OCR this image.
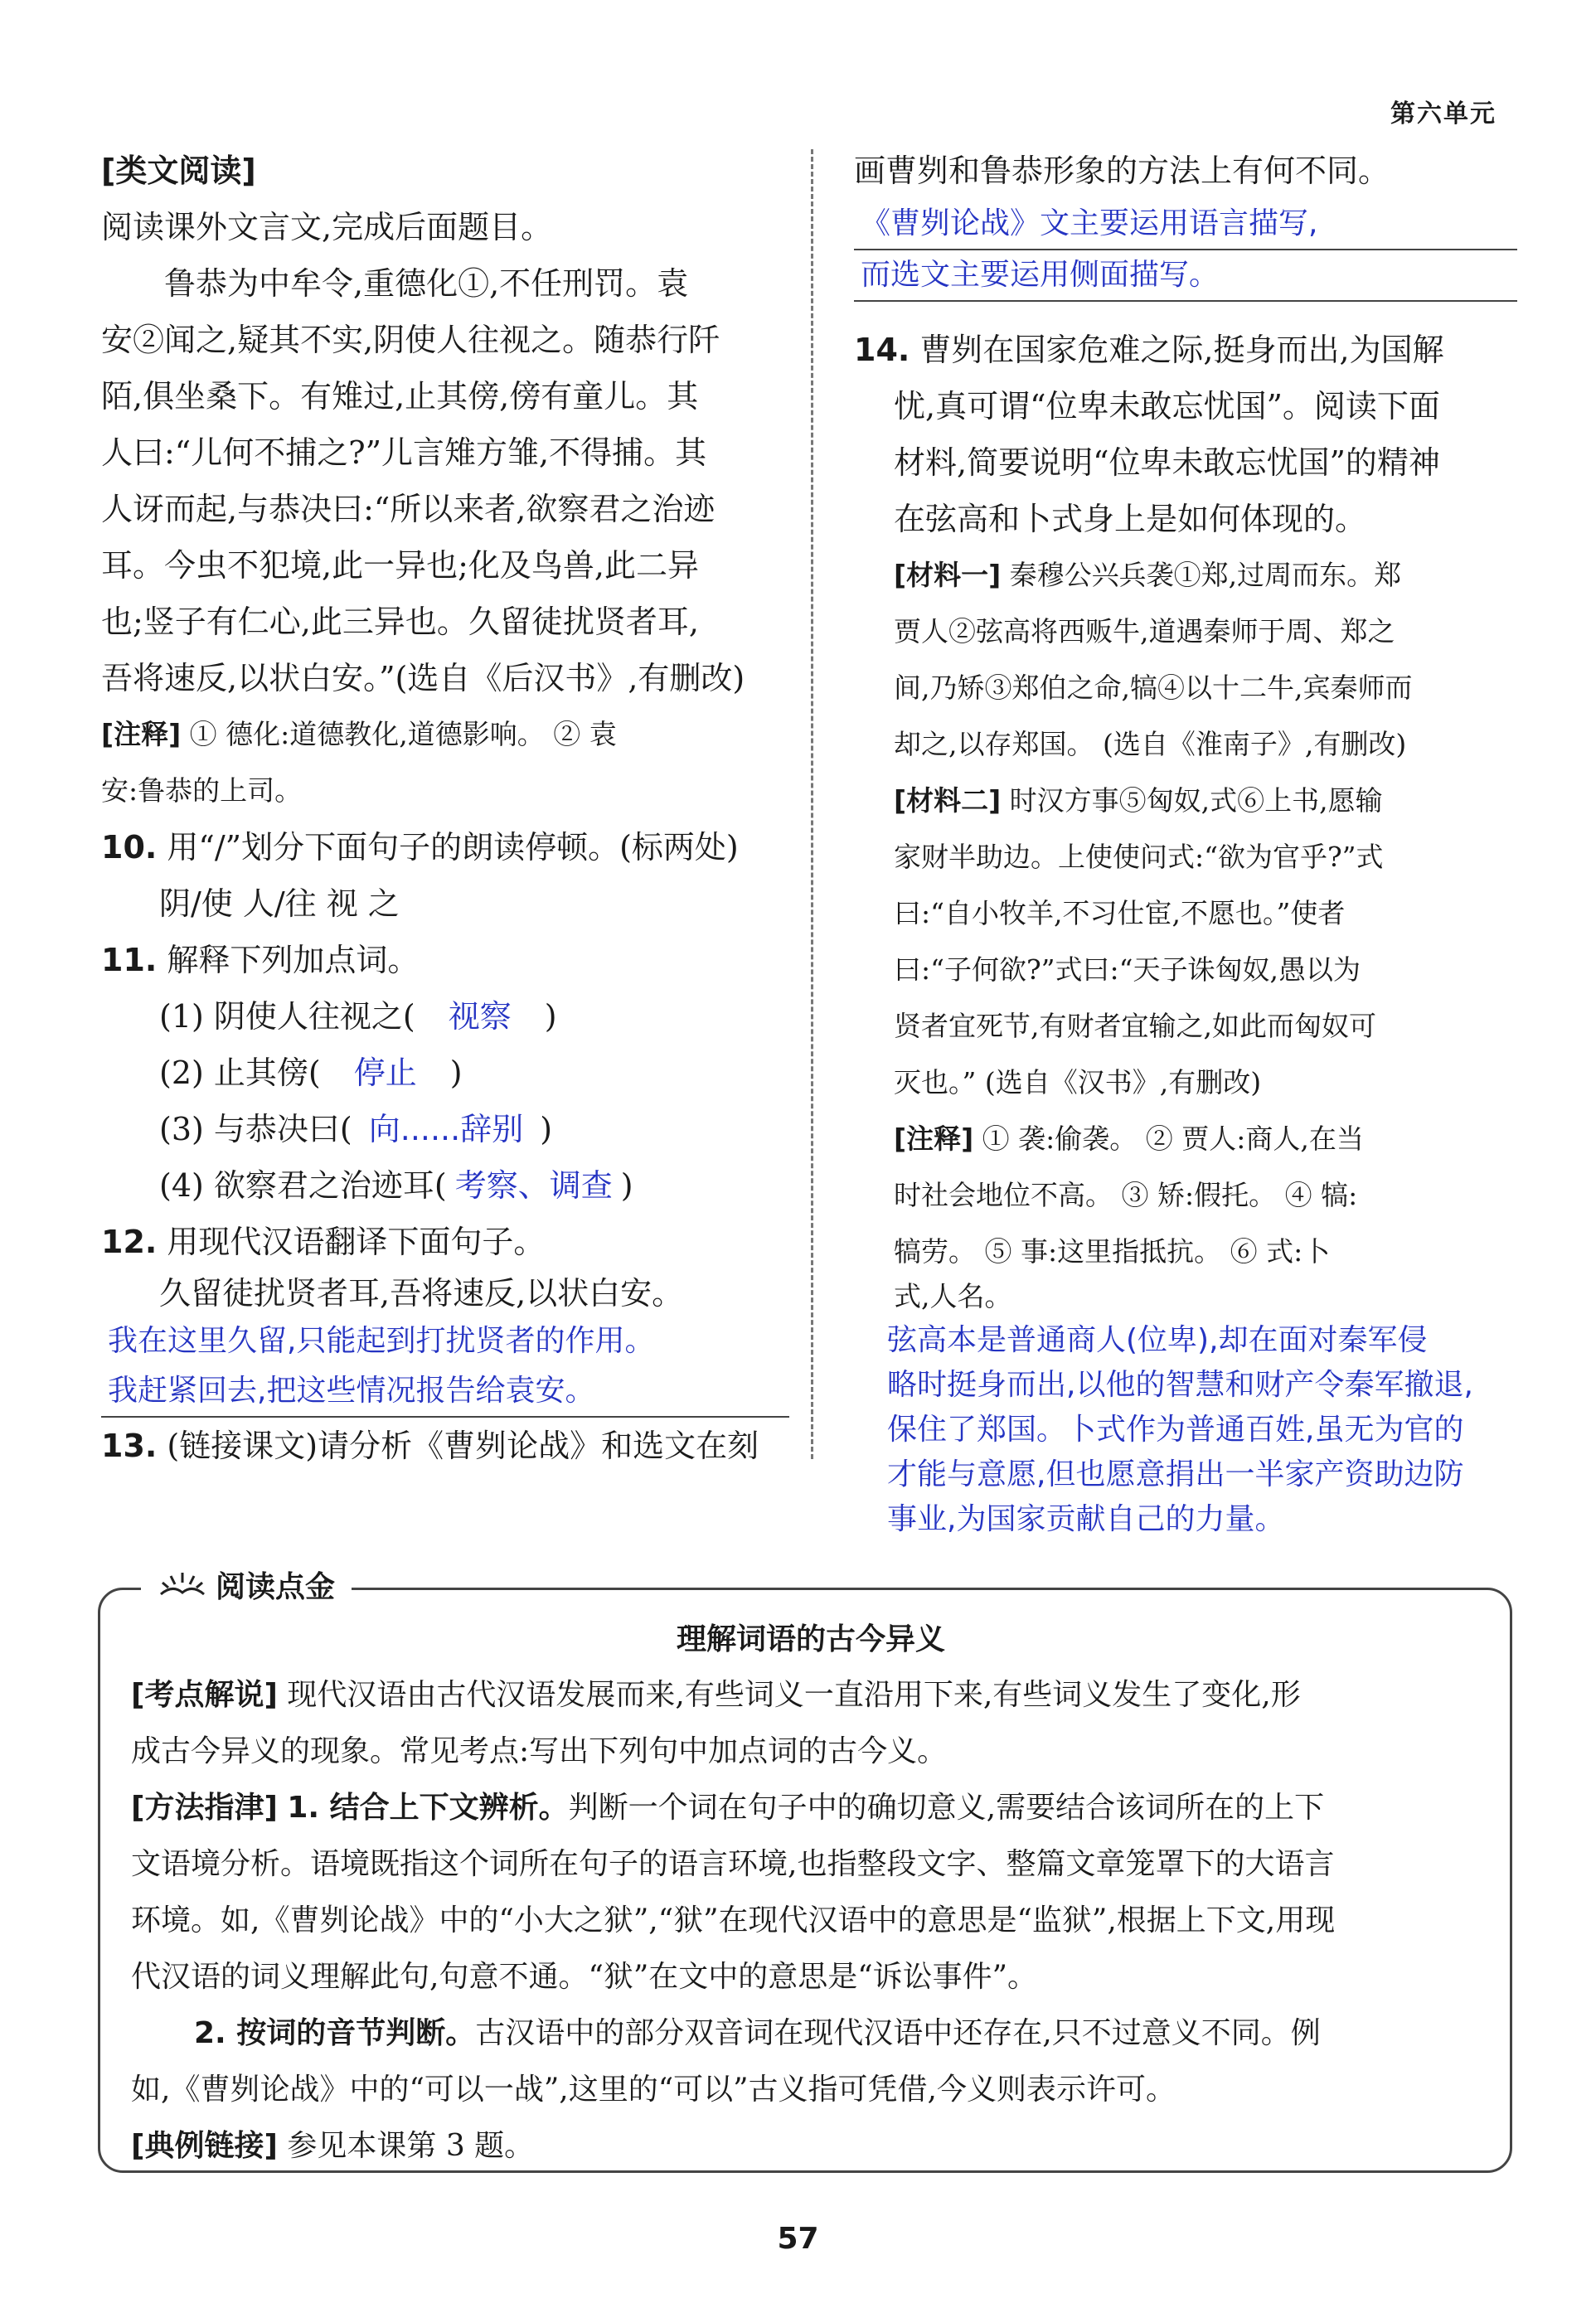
第六单元
[类文阅读]
阅读课外文言文,完成后面题目。
鲁恭为中牟令,重德化①,不任刑罚。袁
安②闻之,疑其不实,阴使人往视之。随恭行阡
陌,俱坐桑下。有雉过,止其傍,傍有童儿。其
人曰:“儿何不捕之?”儿言雉方雏,不得捕。其
人讶而起,与恭决曰:“所以来者,欲察君之治迹
耳。今虫不犯境,此一异也;化及鸟兽,此二异
也;竖子有仁心,此三异也。久留徒扰贤者耳,
吾将速反,以状白安。”(选自《后汉书》,有删改)
[注释] ① 德化:道德教化,道德影响。 ② 袁
安:鲁恭的上司。
10. 用“/”划分下面句子的朗读停顿。(标两处)
阴/使 人/往 视 之
11. 解释下列加点词。
(1) 阴使人往视之( 视察 )
(2) 止其傍( 停止 )
(3) 与恭决曰( 向......辞别 )
(4) 欲察君之治迹耳( 考察、调查 )
12. 用现代汉语翻译下面句子。
久留徒扰贤者耳,吾将速反,以状白安。
我在这里久留,只能起到打扰贤者的作用。
我赶紧回去,把这些情况报告给袁安。
13. (链接课文)请分析《曹刿论战》和选文在刻
画曹刿和鲁恭形象的方法上有何不同。
《曹刿论战》文主要运用语言描写,
而选文主要运用侧面描写。
14. 曹刿在国家危难之际,挺身而出,为国解
忧,真可谓“位卑未敢忘忧国”。阅读下面
材料,简要说明“位卑未敢忘忧国”的精神
在弦高和卜式身上是如何体现的。
[材料一] 秦穆公兴兵袭①郑,过周而东。郑
贾人②弦高将西贩牛,道遇秦师于周、郑之
间,乃矫③郑伯之命,犒④以十二牛,宾秦师而
却之,以存郑国。 (选自《淮南子》,有删改)
[材料二] 时汉方事⑤匈奴,式⑥上书,愿输
家财半助边。上使使问式:“欲为官乎?”式
曰:“自小牧羊,不习仕宦,不愿也。”使者
曰:“子何欲?”式曰:“天子诛匈奴,愚以为
贤者宜死节,有财者宜输之,如此而匈奴可
灭也。” (选自《汉书》,有删改)
[注释] ① 袭:偷袭。 ② 贾人:商人,在当
时社会地位不高。 ③ 矫:假托。 ④ 犒:
犒劳。 ⑤ 事:这里指抵抗。 ⑥ 式:卜
式,人名。
弦高本是普通商人(位卑),却在面对秦军侵
略时挺身而出,以他的智慧和财产令秦军撤退,
保住了郑国。卜式作为普通百姓,虽无为官的
才能与意愿,但也愿意捐出一半家产资助边防
事业,为国家贡献自己的力量。
阅读点金
理解词语的古今异义
[考点解说] 现代汉语由古代汉语发展而来,有些词义一直沿用下来,有些词义发生了变化,形
成古今异义的现象。常见考点:写出下列句中加点词的古今义。
[方法指津] 1. 结合上下文辨析。判断一个词在句子中的确切意义,需要结合该词所在的上下
文语境分析。语境既指这个词所在句子的语言环境,也指整段文字、整篇文章笼罩下的大语言
环境。如,《曹刿论战》中的“小大之狱”,“狱”在现代汉语中的意思是“监狱”,根据上下文,用现
代汉语的词义理解此句,句意不通。“狱”在文中的意思是“诉讼事件”。
2. 按词的音节判断。古汉语中的部分双音词在现代汉语中还存在,只不过意义不同。例
如,《曹刿论战》中的“可以一战”,这里的“可以”古义指可凭借,今义则表示许可。
[典例链接] 参见本课第 3 题。
57
